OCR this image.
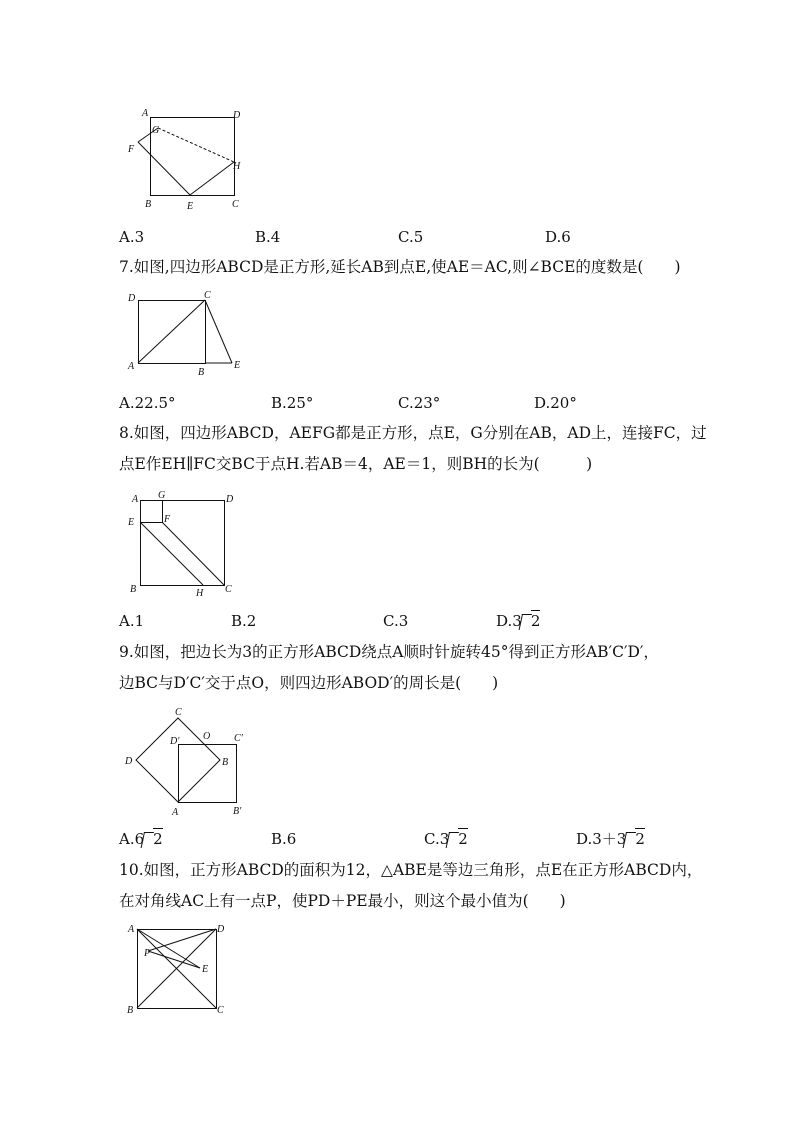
A	D
G
F
H
B	E	C
A.3	B.4	C.5	D.6
7.如图,四边形ABCD是正方形,延长AB到点E,使AE＝AC,则∠BCE的度数是(　　)
D	C
A
B
E
A.22.5°	B.25°	C.23°	D.20°
8.如图，四边形ABCD，AEFG都是正方形，点E，G分别在AB，AD上，连接FC，过
点E作EH∥FC交BC于点H.若AB＝4，AE＝1，则BH的长为(　　　)
A G	D
E	F
B	H C
A.1	B.2	C.3	D.3 2
9.如图，把边长为3的正方形ABCD绕点A顺时针旋转45°得到正方形AB′C′D′，
边BC与D′C′交于点O，则四边形ABOD′的周长是(　　)
C
D′ O C′
D	B
A	B′
A.6 2	B.6	C.3 2	D.3＋3 2
10.如图，正方形ABCD的面积为12，△ABE是等边三角形，点E在正方形ABCD内，
在对角线AC上有一点P，使PD＋PE最小，则这个最小值为(　　)
A	D
P
E
B	C
